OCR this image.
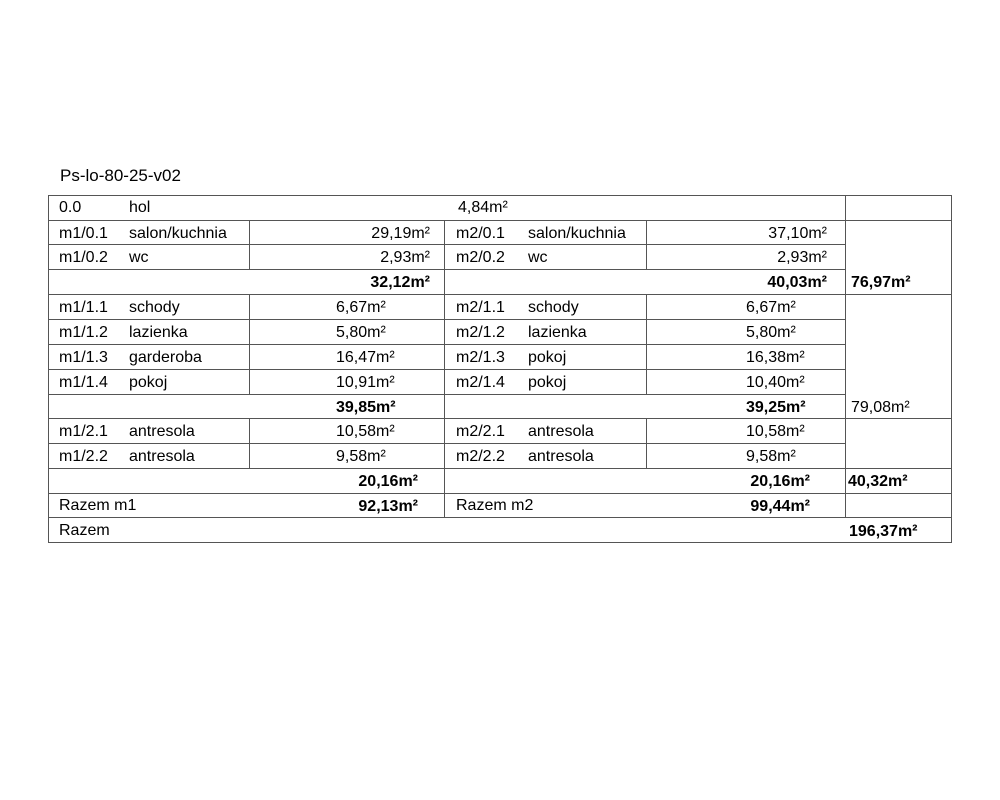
Ps-lo-80-25-v02
0.0	hol	4,84m²
m1/0.1 salon/kuchnia	29,19m² m2/0.1 salon/kuchnia	37,10m²
m1/0.2 wc	2,93m² m2/0.2 wc	2,93m²
32,12m²	40,03m² 76,97m²
m1/1.1 schody	6,67m²	m2/1.1 schody	6,67m²
m1/1.2 lazienka	5,80m²	m2/1.2 lazienka	5,80m²
m1/1.3 garderoba	16,47m²	m2/1.3 pokoj	16,38m²
m1/1.4 pokoj	10,91m²	m2/1.4 pokoj	10,40m²
39,85m²	39,25m²	79,08m²
m1/2.1 antresola	10,58m²	m2/2.1 antresola	10,58m²
m1/2.2 antresola	9,58m²	m2/2.2 antresola	9,58m²
20,16m²	20,16m² 40,32m²
Razem m1	92,13m² Razem m2	99,44m²
Razem	196,37m²
